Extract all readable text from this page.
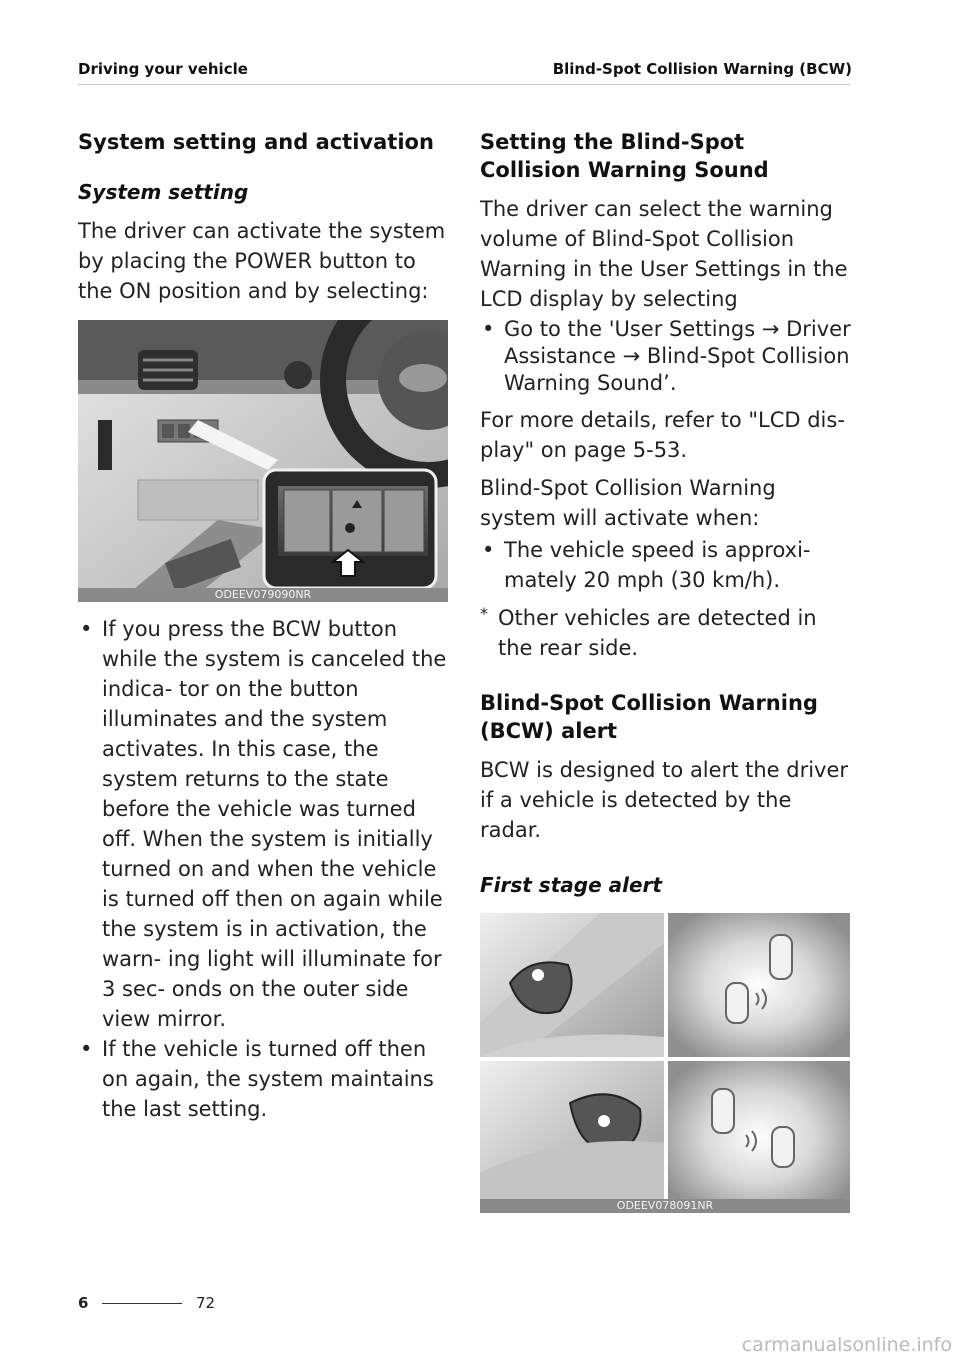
Driving your vehicle	Blind-Spot Collision Warning (BCW)
System setting and activation
System setting

The driver can activate the system by placing the POWER button to the ON position and by selecting:

ODEEV079090NR
• If you press the BCW button while the system is canceled the indica- tor on the button illuminates and the system activates. In this case, the system returns to the state before the vehicle was turned off. When the system is initially turned on and when the vehicle is turned off then on again while the system is in activation, the warn- ing light will illuminate for 3 sec- onds on the outer side view mirror.
• If the vehicle is turned off then on again, the system maintains the last setting.
Setting the Blind-Spot Collision Warning Sound

The driver can select the warning volume of Blind-Spot Collision Warning in the User Settings in the LCD display by selecting

• Go to the 'User Settings → Driver Assistance → Blind-Spot Collision Warning Sound’.

For more details, refer to "LCD dis- play" on page 5-53.

Blind-Spot Collision Warning system will activate when:

• The vehicle speed is approxi- mately 20 mph (30 km/h).
* Other vehicles are detected in the rear side.
Blind-Spot Collision Warning (BCW) alert

BCW is designed to alert the driver if a vehicle is detected by the radar.

First stage alert
ODEEV078091NR
6	72
carmanualsonline.info
